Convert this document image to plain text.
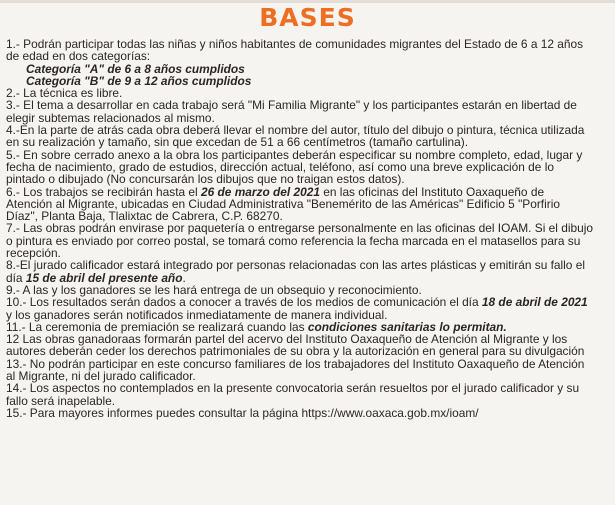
BASES
1.- Podrán participar todas las niñas y niños habitantes de comunidades migrantes del Estado de 6 a 12 años
de edad en dos categorías:
Categoría "A" de 6 a 8 años cumplidos
Categoría "B" de 9 a 12 años cumplidos
2.- La técnica es libre.
3.- El tema a desarrollar en cada trabajo será "Mi Familia Migrante" y los participantes estarán en libertad de
elegir subtemas relacionados al mismo.
4.-En la parte de atrás cada obra deberá llevar el nombre del autor, título del dibujo o pintura, técnica utilizada
en su realización y tamaño, sin que excedan de 51 a 66 centímetros (tamaño cartulina).
5.- En sobre cerrado anexo a la obra los participantes deberán especificar su nombre completo, edad, lugar y
fecha de nacimiento, grado de estudios, dirección actual, teléfono, así como una breve explicación de lo
pintado o dibujado (No concursarán los dibujos que no traigan estos datos).
6.- Los trabajos se recibirán hasta el 26 de marzo del 2021 en las oficinas del Instituto Oaxaqueño de
Atención al Migrante, ubicadas en Ciudad Administrativa "Benemérito de las Américas" Edificio 5 "Porfirio
Díaz", Planta Baja, Tlalixtac de Cabrera, C.P. 68270.
7.- Las obras podrán envirase por paquetería o entregarse personalmente en las oficinas del IOAM. Si el dibujo
o pintura es enviado por correo postal, se tomará como referencia la fecha marcada en el matasellos para su
recepción.
8.-El jurado calificador estará integrado por personas relacionadas con las artes plásticas y emitirán su fallo el
día 15 de abril del presente año.
9.- A las y los ganadores se les hará entrega de un obsequio y reconocimiento.
10.- Los resultados serán dados a conocer a través de los medios de comunicación el día 18 de abril de 2021
y los ganadores serán notificados inmediatamente de manera individual.
11.- La ceremonia de premiación se realizará cuando las condiciones sanitarias lo permitan.
12 Las obras ganadoraas formarán partel del acervo del Instituto Oaxaqueño de Atención al Migrante y los
autores deberán ceder los derechos patrimoniales de su obra y la autorización en general para su divulgación
13.- No podrán participar en este concurso familiares de los trabajadores del Instituto Oaxaqueño de Atención
al Migrante, ni del jurado calificador.
14.- Los aspectos no contemplados en la presente convocatoria serán resueltos por el jurado calificador y su
fallo será inapelable.
15.- Para mayores informes puedes consultar la página https://www.oaxaca.gob.mx/ioam/
